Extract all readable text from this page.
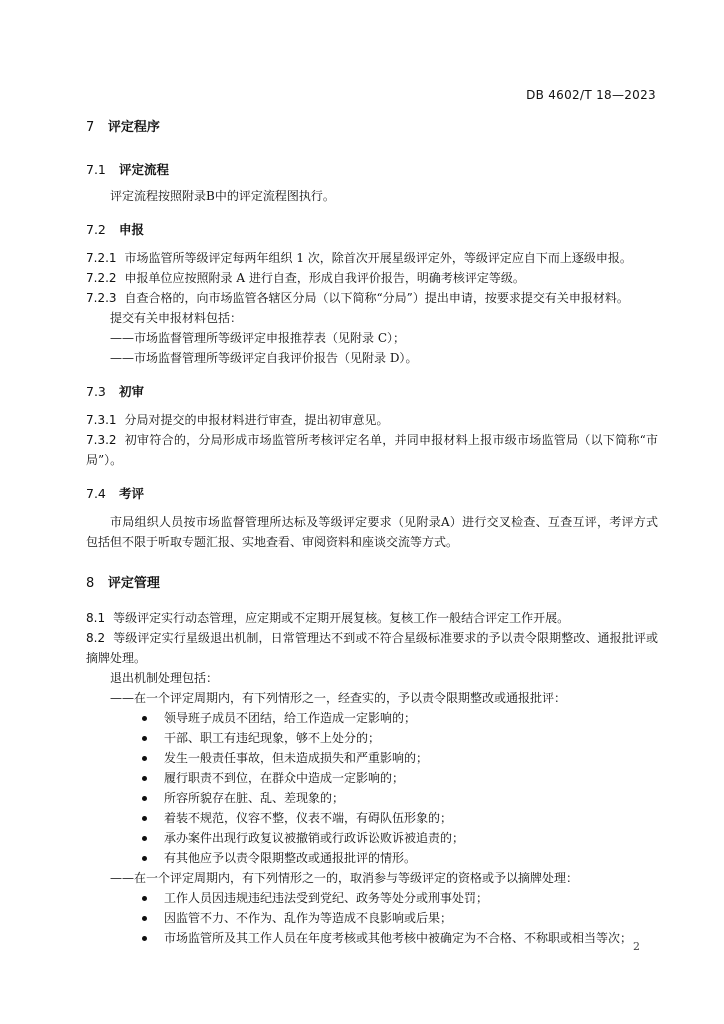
DB 4602/T 18—2023
7 评定程序
7.1 评定流程

评定流程按照附录B中的评定流程图执行。

7.2 申报

7.2.1 市场监管所等级评定每两年组织 1 次，除首次开展星级评定外，等级评定应自下而上逐级申报。

7.2.2 申报单位应按照附录 A 进行自查，形成自我评价报告，明确考核评定等级。

7.2.3 自查合格的，向市场监管各辖区分局（以下简称“分局”）提出申请，按要求提交有关申报材料。

提交有关申报材料包括：

——市场监督管理所等级评定申报推荐表（见附录 C）；

——市场监督管理所等级评定自我评价报告（见附录 D）。

7.3 初审

7.3.1 分局对提交的申报材料进行审查，提出初审意见。

7.3.2 初审符合的，分局形成市场监管所考核评定名单，并同申报材料上报市级市场监管局（以下简称“市局”）。

7.4 考评

市局组织人员按市场监督管理所达标及等级评定要求（见附录A）进行交叉检查、互查互评，考评方式包括但不限于听取专题汇报、实地查看、审阅资料和座谈交流等方式。

8 评定管理

8.1 等级评定实行动态管理，应定期或不定期开展复核。复核工作一般结合评定工作开展。

8.2 等级评定实行星级退出机制，日常管理达不到或不符合星级标准要求的予以责令限期整改、通报批评或摘牌处理。

退出机制处理包括：

——在一个评定周期内，有下列情形之一，经查实的，予以责令限期整改或通报批评：

领导班子成员不团结，给工作造成一定影响的；

干部、职工有违纪现象，够不上处分的；

发生一般责任事故，但未造成损失和严重影响的；

履行职责不到位，在群众中造成一定影响的；

所容所貌存在脏、乱、差现象的；

着装不规范，仪容不整，仪表不端，有碍队伍形象的；

承办案件出现行政复议被撤销或行政诉讼败诉被追责的；

有其他应予以责令限期整改或通报批评的情形。

——在一个评定周期内，有下列情形之一的，取消参与等级评定的资格或予以摘牌处理：

工作人员因违规违纪违法受到党纪、政务等处分或刑事处罚；

因监管不力、不作为、乱作为等造成不良影响或后果；

市场监管所及其工作人员在年度考核或其他考核中被确定为不合格、不称职或相当等次；

2
